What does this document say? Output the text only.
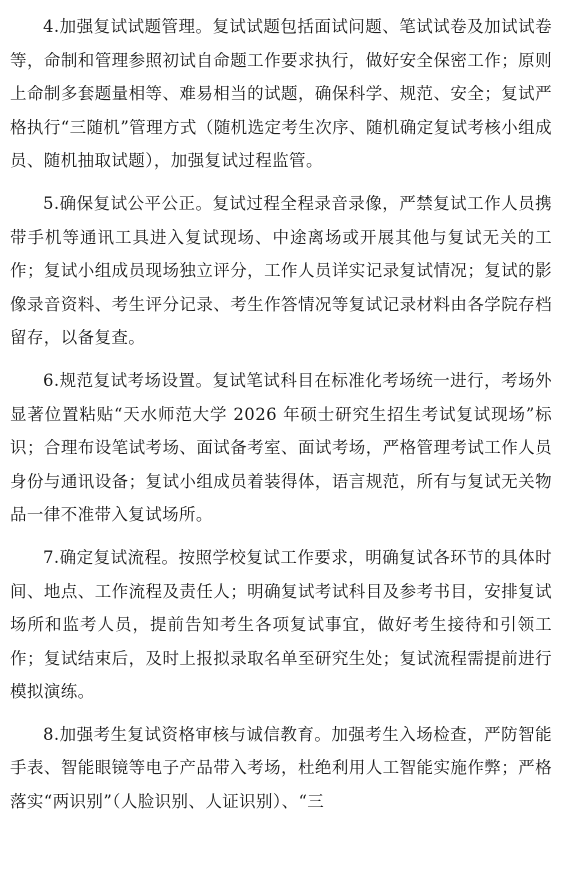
4.加强复试试题管理。复试试题包括面试问题、笔试试卷及加试试卷等，命制和管理参照初试自命题工作要求执行，做好安全保密工作；原则上命制多套题量相等、难易相当的试题，确保科学、规范、安全；复试严格执行“三随机”管理方式（随机选定考生次序、随机确定复试考核小组成员、随机抽取试题），加强复试过程监管。

5.确保复试公平公正。复试过程全程录音录像，严禁复试工作人员携带手机等通讯工具进入复试现场、中途离场或开展其他与复试无关的工作；复试小组成员现场独立评分，工作人员详实记录复试情况；复试的影像录音资料、考生评分记录、考生作答情况等复试记录材料由各学院存档留存，以备复查。

6.规范复试考场设置。复试笔试科目在标准化考场统一进行，考场外显著位置粘贴“天水师范大学 2026 年硕士研究生招生考试复试现场”标识；合理布设笔试考场、面试备考室、面试考场，严格管理考试工作人员身份与通讯设备；复试小组成员着装得体，语言规范，所有与复试无关物品一律不准带入复试场所。

7.确定复试流程。按照学校复试工作要求，明确复试各环节的具体时间、地点、工作流程及责任人；明确复试考试科目及参考书目，安排复试场所和监考人员，提前告知考生各项复试事宜，做好考生接待和引领工作；复试结束后，及时上报拟录取名单至研究生处；复试流程需提前进行模拟演练。

8.加强考生复试资格审核与诚信教育。加强考生入场检查，严防智能手表、智能眼镜等电子产品带入考场，杜绝利用人工智能实施作弊；严格落实“两识别”（人脸识别、人证识别）、“三
